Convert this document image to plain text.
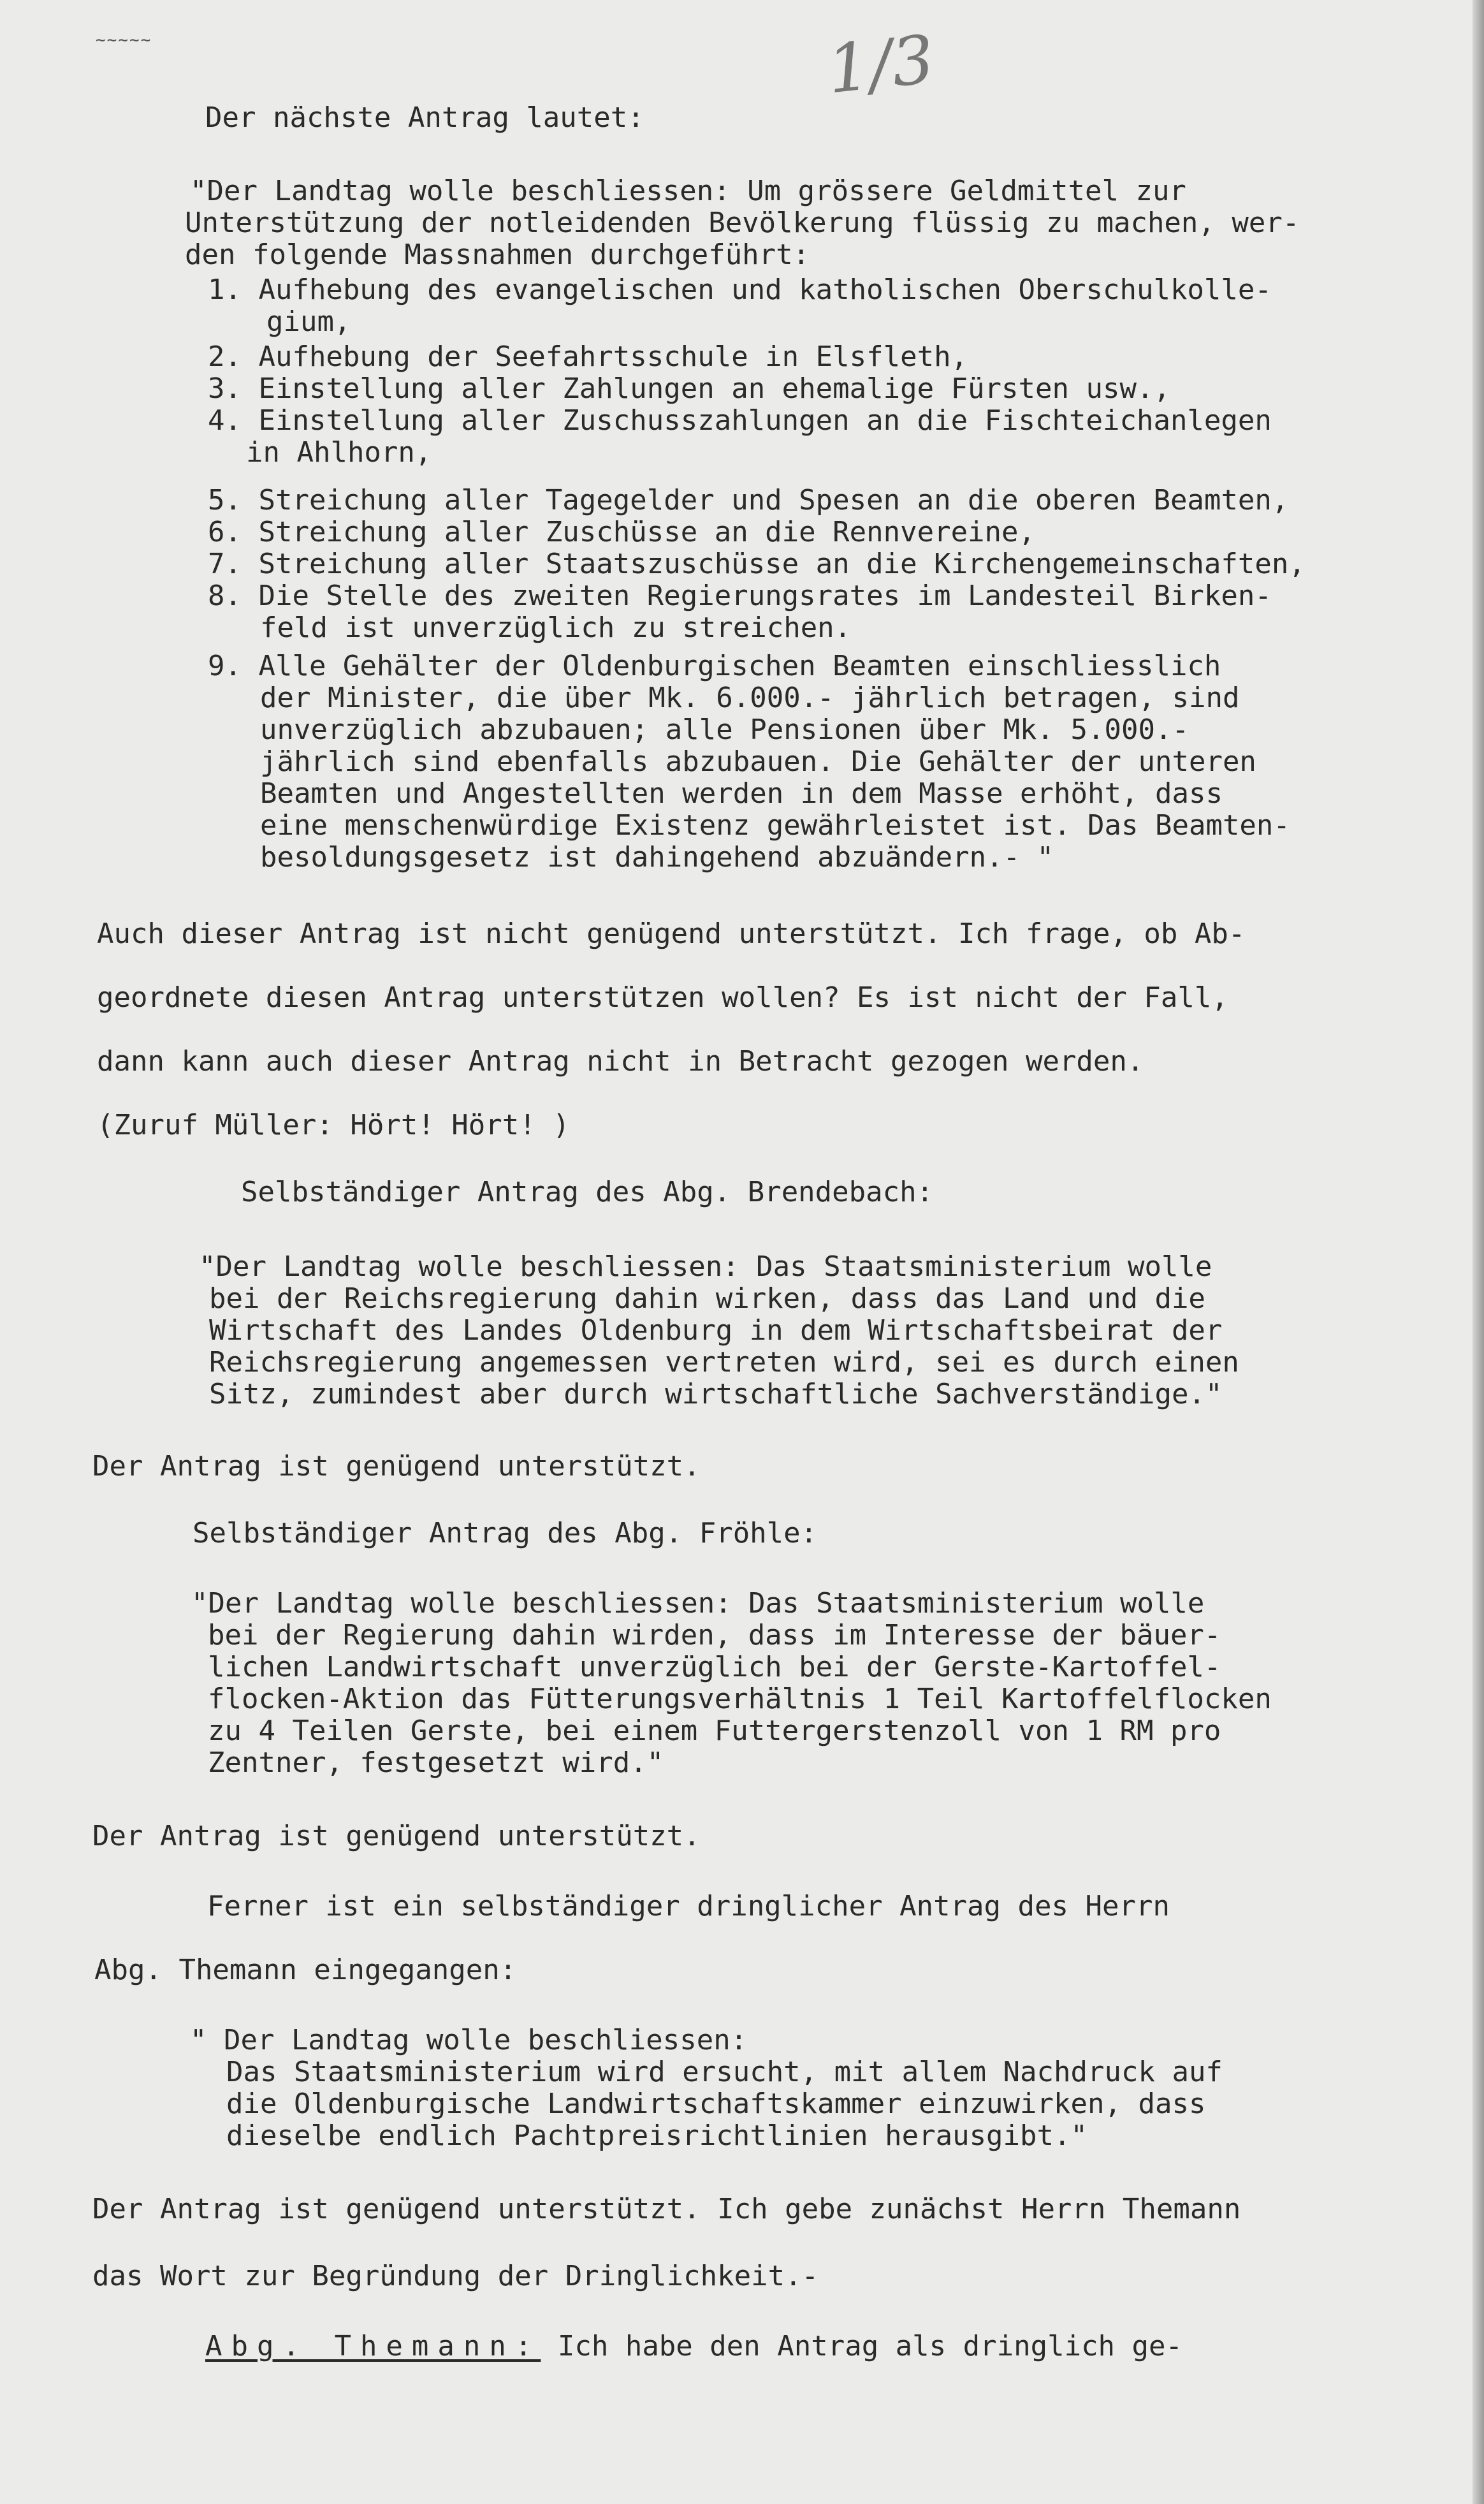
~~~~~	1/3
Der nächste Antrag lautet:
"Der Landtag wolle beschliessen: Um grössere Geldmittel zur
Unterstützung der notleidenden Bevölkerung flüssig zu machen, wer-
den folgende Massnahmen durchgeführt:
1. Aufhebung des evangelischen und katholischen Oberschulkolle-
gium,
2. Aufhebung der Seefahrtsschule in Elsfleth,
3. Einstellung aller Zahlungen an ehemalige Fürsten usw.,
4. Einstellung aller Zuschusszahlungen an die Fischteichanlegen
in Ahlhorn,
5. Streichung aller Tagegelder und Spesen an die oberen Beamten,
6. Streichung aller Zuschüsse an die Rennvereine,
7. Streichung aller Staatszuschüsse an die Kirchengemeinschaften,
8. Die Stelle des zweiten Regierungsrates im Landesteil Birken-
feld ist unverzüglich zu streichen.
9. Alle Gehälter der Oldenburgischen Beamten einschliesslich
der Minister, die über Mk. 6.000.- jährlich betragen, sind
unverzüglich abzubauen; alle Pensionen über Mk. 5.000.-
jährlich sind ebenfalls abzubauen. Die Gehälter der unteren
Beamten und Angestellten werden in dem Masse erhöht, dass
eine menschenwürdige Existenz gewährleistet ist. Das Beamten-
besoldungsgesetz ist dahingehend abzuändern.- "
Auch dieser Antrag ist nicht genügend unterstützt. Ich frage, ob Ab-
geordnete diesen Antrag unterstützen wollen? Es ist nicht der Fall,
dann kann auch dieser Antrag nicht in Betracht gezogen werden.
(Zuruf Müller: Hört! Hört! )
Selbständiger Antrag des Abg. Brendebach:
"Der Landtag wolle beschliessen: Das Staatsministerium wolle
bei der Reichsregierung dahin wirken, dass das Land und die
Wirtschaft des Landes Oldenburg in dem Wirtschaftsbeirat der
Reichsregierung angemessen vertreten wird, sei es durch einen
Sitz, zumindest aber durch wirtschaftliche Sachverständige."
Der Antrag ist genügend unterstützt.
Selbständiger Antrag des Abg. Fröhle:
"Der Landtag wolle beschliessen: Das Staatsministerium wolle
bei der Regierung dahin wirden, dass im Interesse der bäuer-
lichen Landwirtschaft unverzüglich bei der Gerste-Kartoffel-
flocken-Aktion das Fütterungsverhältnis 1 Teil Kartoffelflocken
zu 4 Teilen Gerste, bei einem Futtergerstenzoll von 1 RM pro
Zentner, festgesetzt wird."
Der Antrag ist genügend unterstützt.
Ferner ist ein selbständiger dringlicher Antrag des Herrn
Abg. Themann eingegangen:
" Der Landtag wolle beschliessen:
Das Staatsministerium wird ersucht, mit allem Nachdruck auf
die Oldenburgische Landwirtschaftskammer einzuwirken, dass
dieselbe endlich Pachtpreisrichtlinien herausgibt."
Der Antrag ist genügend unterstützt. Ich gebe zunächst Herrn Themann
das Wort zur Begründung der Dringlichkeit.-
Abg. Themann: Ich habe den Antrag als dringlich ge-
